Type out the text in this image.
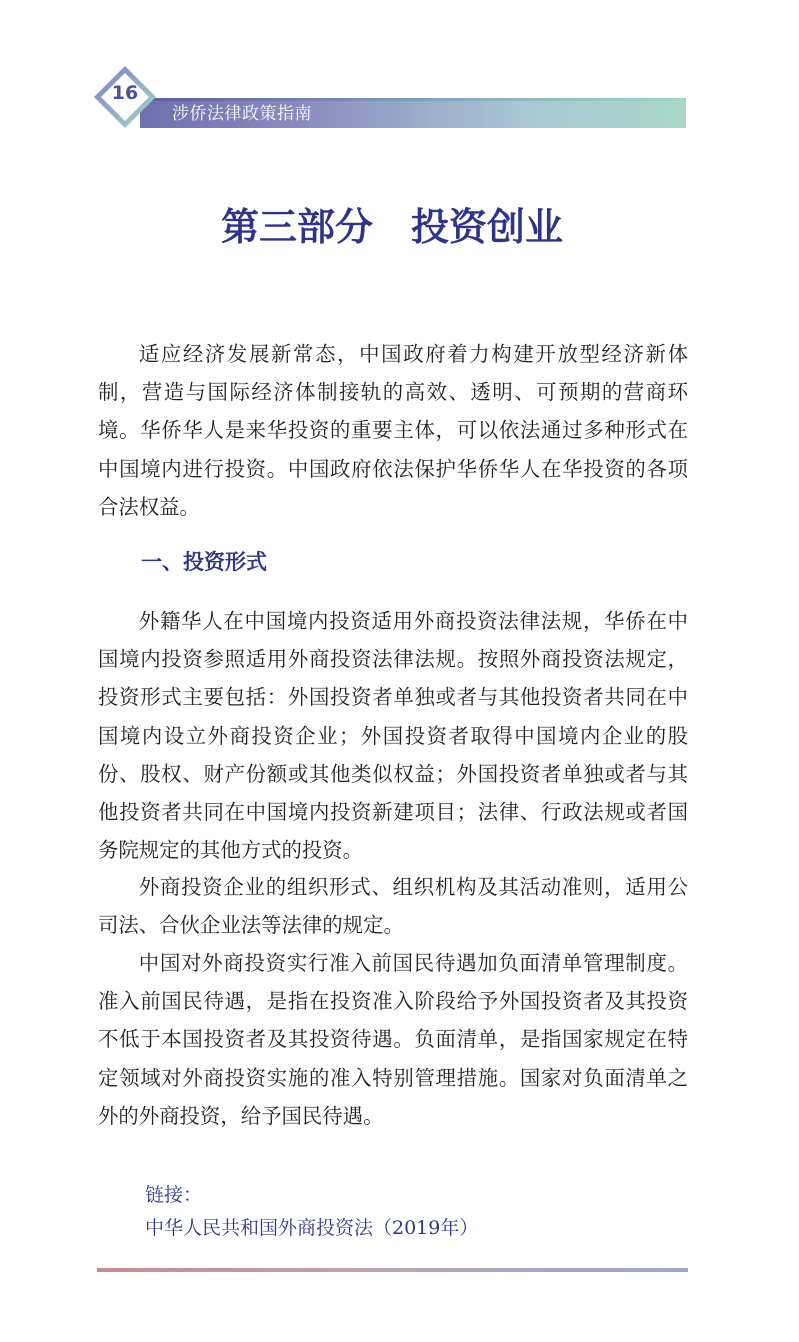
16
涉侨法律政策指南
第三部分 投资创业

适应经济发展新常态，中国政府着力构建开放型经济新体制，营造与国际经济体制接轨的高效、透明、可预期的营商环境。华侨华人是来华投资的重要主体，可以依法通过多种形式在中国境内进行投资。中国政府依法保护华侨华人在华投资的各项合法权益。

一、投资形式

外籍华人在中国境内投资适用外商投资法律法规，华侨在中国境内投资参照适用外商投资法律法规。按照外商投资法规定，投资形式主要包括：外国投资者单独或者与其他投资者共同在中国境内设立外商投资企业；外国投资者取得中国境内企业的股份、股权、财产份额或其他类似权益；外国投资者单独或者与其他投资者共同在中国境内投资新建项目；法律、行政法规或者国务院规定的其他方式的投资。

外商投资企业的组织形式、组织机构及其活动准则，适用公司法、合伙企业法等法律的规定。

中国对外商投资实行准入前国民待遇加负面清单管理制度。准入前国民待遇，是指在投资准入阶段给予外国投资者及其投资不低于本国投资者及其投资待遇。负面清单，是指国家规定在特定领域对外商投资实施的准入特别管理措施。国家对负面清单之外的外商投资，给予国民待遇。

链接：
中华人民共和国外商投资法（2019年）
